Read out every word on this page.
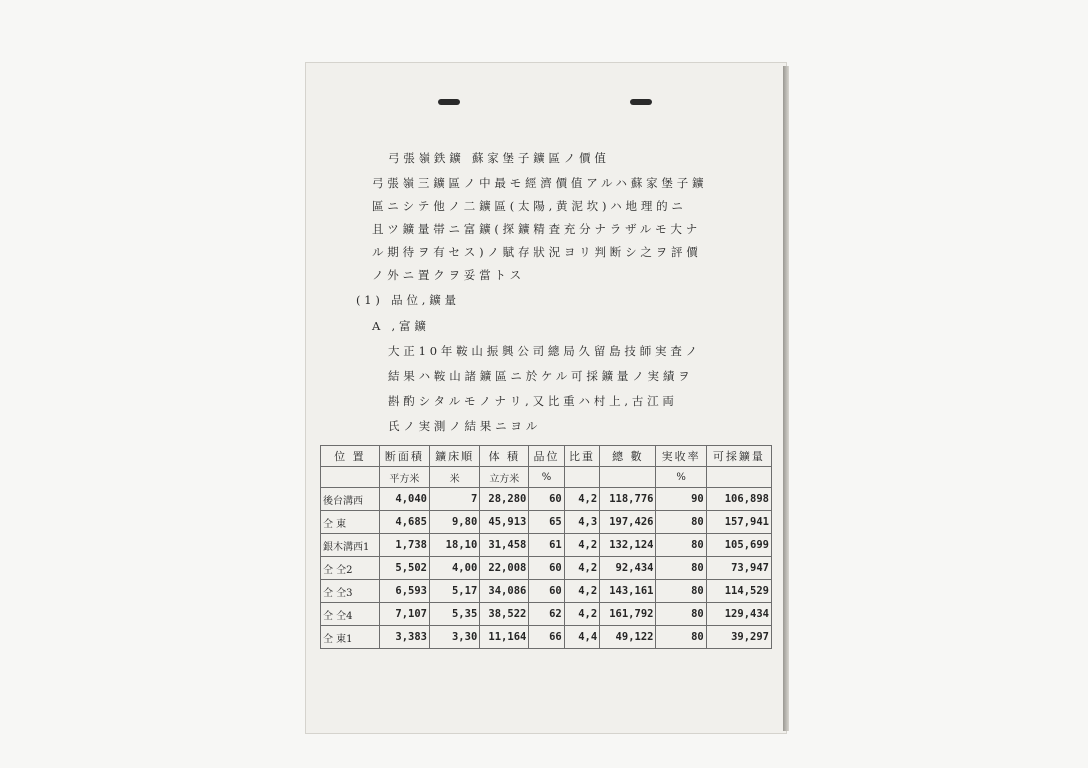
弓張嶺鉄鑛 蘇家堡子鑛區ノ價值
弓張嶺三鑛區ノ中最モ經濟價值アルハ蘇家堡子鑛
區ニシテ他ノ二鑛區(太陽,黄泥坎)ハ地理的ニ
且ツ鑛量帯ニ富鑛(探鑛精査充分ナラザルモ大ナ
ル期待ヲ有セス)ノ賦存狀況ヨリ判断シ之ヲ評價
ノ外ニ置クヲ妥當トス
(1) 品位,鑛量
A ,富鑛
大正10年鞍山振興公司總局久留島技師実査ノ
結果ハ鞍山諸鑛區ニ於ケル可採鑛量ノ実績ヲ
斟酌シタルモノナリ,又比重ハ村上,古江両
氏ノ実測ノ結果ニヨル
位 置	断面積	鑛床順	体 積	品位	比重	總 數	実收率	可採鑛量
	平方米	米	立方米	%			%	
後台溝西	4,040	7	28,280	60	4,2	118,776	90	106,898
仝 東	4,685	9,80	45,913	65	4,3	197,426	80	157,941
銀木溝西1	1,738	18,10	31,458	61	4,2	132,124	80	105,699
仝 仝2	5,502	4,00	22,008	60	4,2	92,434	80	73,947
仝 仝3	6,593	5,17	34,086	60	4,2	143,161	80	114,529
仝 仝4	7,107	5,35	38,522	62	4,2	161,792	80	129,434
仝 東1	3,383	3,30	11,164	66	4,4	49,122	80	39,297
